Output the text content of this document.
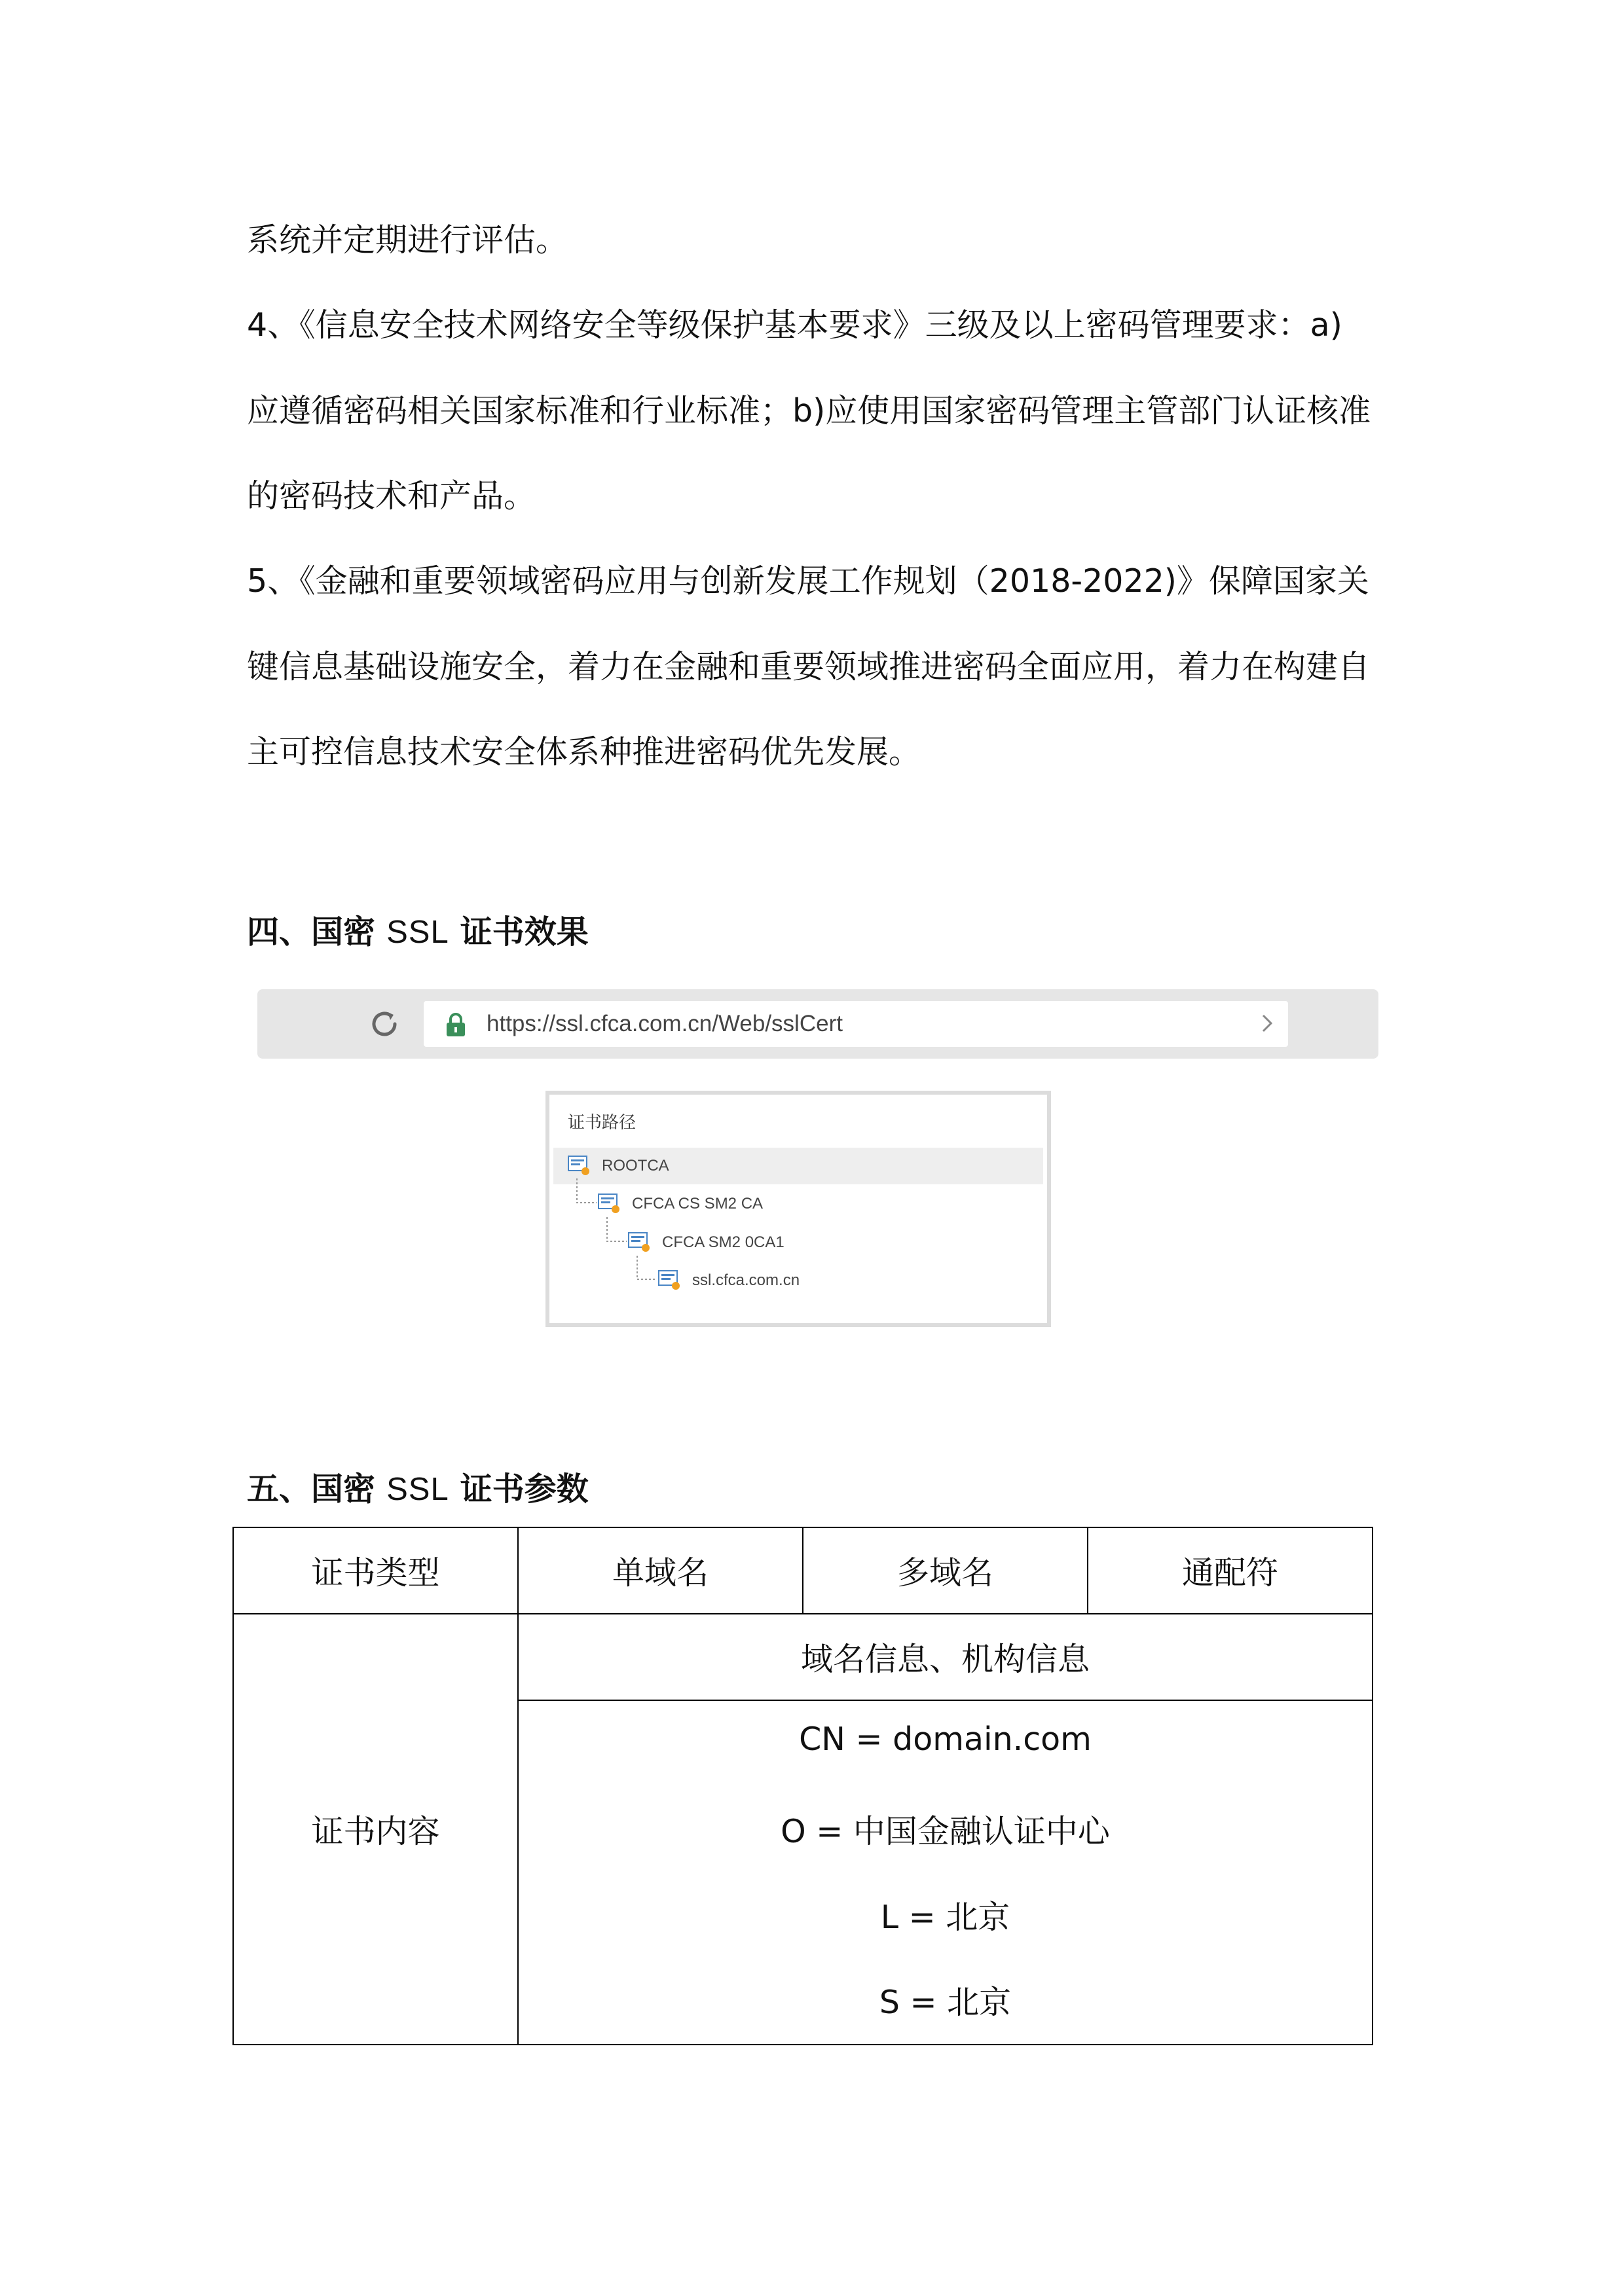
系统并定期进行评估。

4、《信息安全技术网络安全等级保护基本要求》三级及以上密码管理要求：a)

应遵循密码相关国家标准和行业标准；b)应使用国家密码管理主管部门认证核准

的密码技术和产品。

5、《金融和重要领域密码应用与创新发展工作规划（2018-2022)》保障国家关

键信息基础设施安全，着力在金融和重要领域推进密码全面应用，着力在构建自

主可控信息技术安全体系种推进密码优先发展。

四、国密 SSL 证书效果
https://ssl.cfca.com.cn/Web/sslCert
证书路径
ROOTCA
CFCA CS SM2 CA
CFCA SM2 0CA1
ssl.cfca.com.cn
五、国密 SSL 证书参数
证书类型	单域名	多域名	通配符
证书内容	域名信息、机构信息		

	CN = domain.com
O = 中国金融认证中心
L = 北京
S = 北京		
